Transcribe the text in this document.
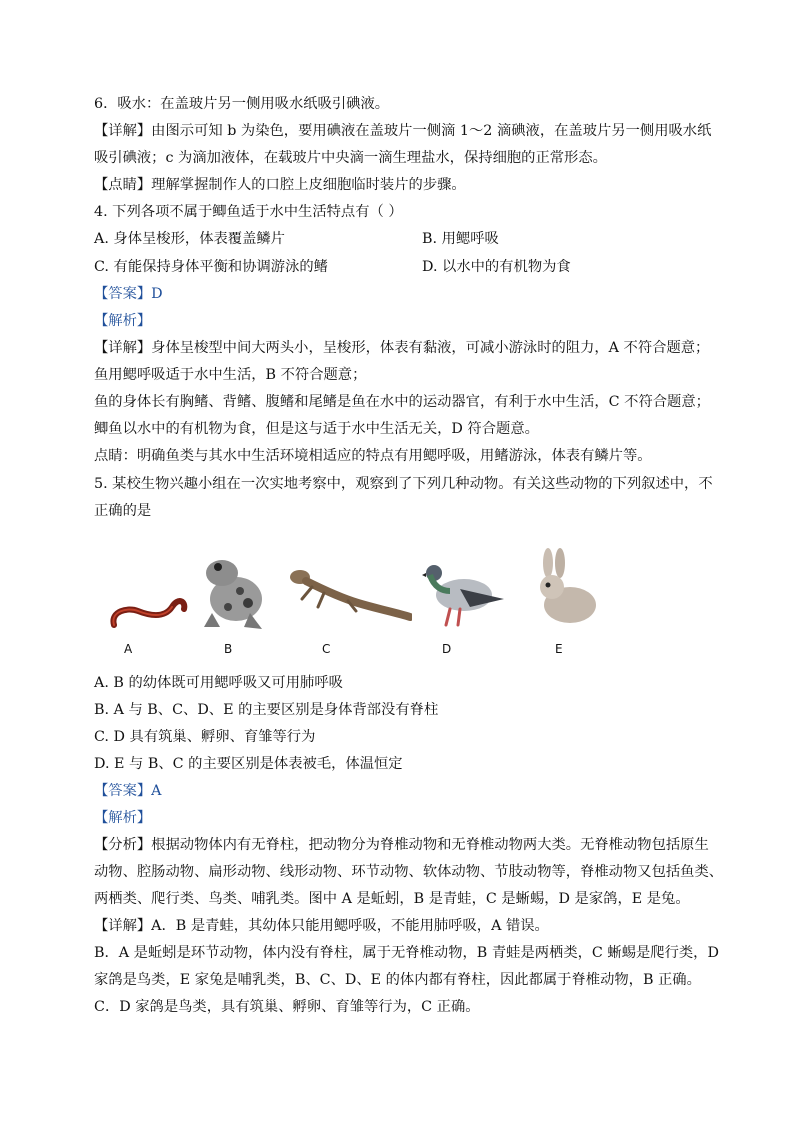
6．吸水：在盖玻片另一侧用吸水纸吸引碘液。
【详解】由图示可知 b 为染色，要用碘液在盖玻片一侧滴 1～2 滴碘液，在盖玻片另一侧用吸水纸
吸引碘液；c 为滴加液体，在载玻片中央滴一滴生理盐水，保持细胞的正常形态。
【点睛】理解掌握制作人的口腔上皮细胞临时装片的步骤。
4. 下列各项不属于鲫鱼适于水中生活特点有（ ）
A. 身体呈梭形，体表覆盖鳞片	B. 用鳃呼吸
C. 有能保持身体平衡和协调游泳的鳍	D. 以水中的有机物为食
【答案】D
【解析】
【详解】身体呈梭型中间大两头小，呈梭形，体表有黏液，可减小游泳时的阻力，A 不符合题意；
鱼用鳃呼吸适于水中生活，B 不符合题意；
鱼的身体长有胸鳍、背鳍、腹鳍和尾鳍是鱼在水中的运动器官，有利于水中生活，C 不符合题意；
鲫鱼以水中的有机物为食，但是这与适于水中生活无关，D 符合题意。
点睛：明确鱼类与其水中生活环境相适应的特点有用鳃呼吸，用鳍游泳，体表有鳞片等。
5. 某校生物兴趣小组在一次实地考察中，观察到了下列几种动物。有关这些动物的下列叙述中，不
正确的是
A	B	C	D	E
A. B 的幼体既可用鳃呼吸又可用肺呼吸
B. A 与 B、C、D、E 的主要区别是身体背部没有脊柱
C. D 具有筑巢、孵卵、育雏等行为
D. E 与 B、C 的主要区别是体表被毛，体温恒定
【答案】A
【解析】
【分析】根据动物体内有无脊柱，把动物分为脊椎动物和无脊椎动物两大类。无脊椎动物包括原生
动物、腔肠动物、扁形动物、线形动物、环节动物、软体动物、节肢动物等，脊椎动物又包括鱼类、
两栖类、爬行类、鸟类、哺乳类。图中 A 是蚯蚓，B 是青蛙，C 是蜥蜴，D 是家鸽，E 是兔。
【详解】A．B 是青蛙，其幼体只能用鳃呼吸，不能用肺呼吸，A 错误。
B．A 是蚯蚓是环节动物，体内没有脊柱，属于无脊椎动物，B 青蛙是两栖类，C 蜥蜴是爬行类，D
家鸽是鸟类，E 家兔是哺乳类，B、C、D、E 的体内都有脊柱，因此都属于脊椎动物，B 正确。
C．D 家鸽是鸟类，具有筑巢、孵卵、育雏等行为，C 正确。
